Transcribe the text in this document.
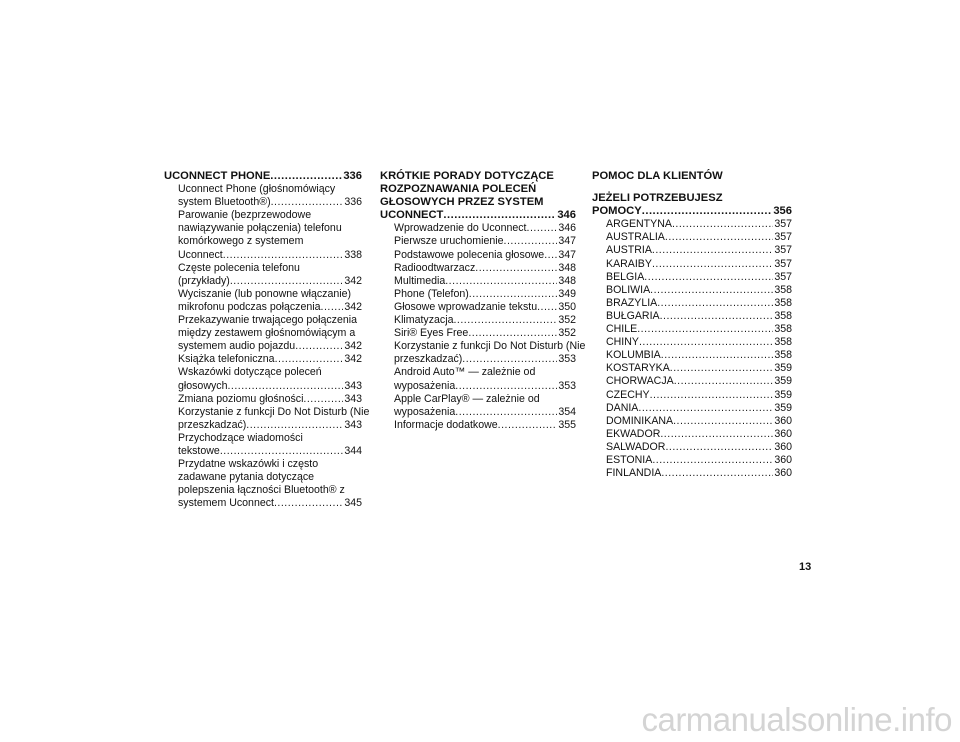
UCONNECT PHONE .....	336
Uconnect Phone (głośnomówiący
system Bluetooth®) .....	336
Parowanie (bezprzewodowe
nawiązywanie połączenia) telefonu
komórkowego z systemem
Uconnect .....	338
Częste polecenia telefonu
(przykłady) .....	342
Wyciszanie (lub ponowne włączanie)
mikrofonu podczas połączenia ..... 342
Przekazywanie trwającego połączenia
między zestawem głośnomówiącym a
systemem audio pojazdu .....	342
Książka telefoniczna .....	342
Wskazówki dotyczące poleceń
głosowych .....	343
Zmiana poziomu głośności .....	343
Korzystanie z funkcji Do Not Disturb (Nie
przeszkadzać) .....	343
Przychodzące wiadomości
tekstowe .....	344
Przydatne wskazówki i często
zadawane pytania dotyczące
polepszenia łączności Bluetooth® z
systemem Uconnect .....	345
KRÓTKIE PORADY DOTYCZĄCE
ROZPOZNAWANIA POLECEŃ
GŁOSOWYCH PRZEZ SYSTEM
UCONNECT .....	346
Wprowadzenie do Uconnect .....	346
Pierwsze uruchomienie .....	347
Podstawowe polecenia głosowe ..... 347
Radioodtwarzacz .....	348
Multimedia .....	348
Phone (Telefon) .....	349
Głosowe wprowadzanie tekstu ..... 350
Klimatyzacja .....	352
Siri® Eyes Free .....	352
Korzystanie z funkcji Do Not Disturb (Nie
przeszkadzać) .....	353
Android Auto™ — zależnie od
wyposażenia .....	353
Apple CarPlay® — zależnie od
wyposażenia .....	354
Informacje dodatkowe .....	355
POMOC DLA KLIENTÓW
JEŻELI POTRZEBUJESZ
POMOCY .....	356
ARGENTYNA .....	357
AUSTRALIA .....	357
AUSTRIA .....	357
KARAIBY .....	357
BELGIA .....	357
BOLIWIA .....	358
BRAZYLIA .....	358
BUŁGARIA .....	358
CHILE .....	358
CHINY .....	358
KOLUMBIA .....	358
KOSTARYKA .....	359
CHORWACJA .....	359
CZECHY .....	359
DANIA .....	359
DOMINIKANA .....	360
EKWADOR .....	360
SALWADOR .....	360
ESTONIA .....	360
FINLANDIA .....	360
13
carmanualsonline.info
